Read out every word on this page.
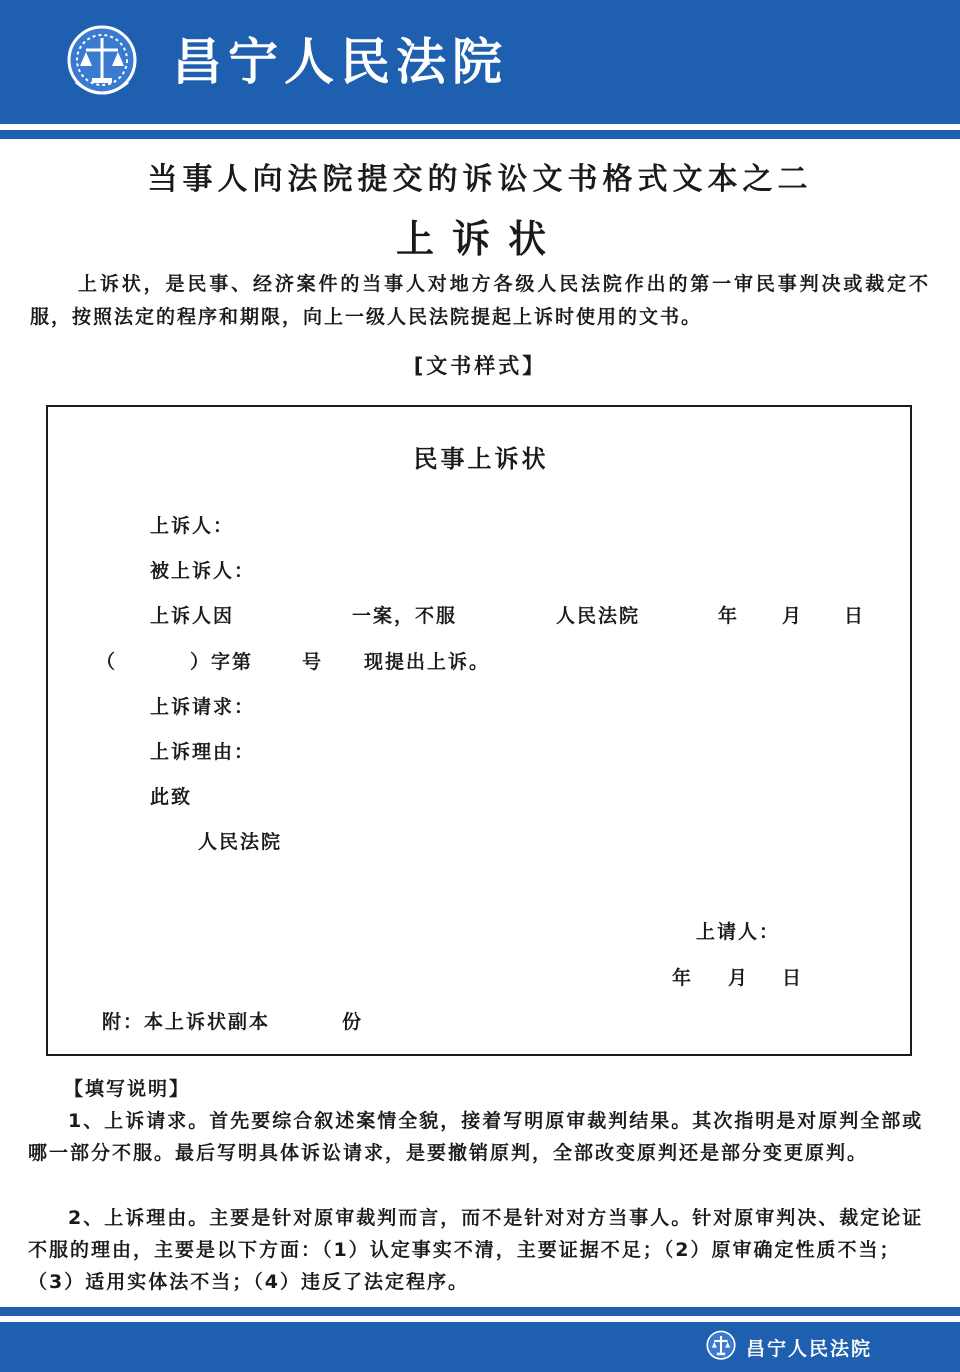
昌宁人民法院
当事人向法院提交的诉讼文书格式文本之二
上诉状

上诉状，是民事、经济案件的当事人对地方各级人民法院作出的第一审民事判决或裁定不服，按照法定的程序和期限，向上一级人民法院提起上诉时使用的文书。

[文书样式】
民事上诉状
上诉人：
被上诉人：
上诉人因	一案，不服	人民法院	年 月 日
（	）字第	号 现提出上诉。
上诉请求：
上诉理由：
此致
人民法院
上请人：
年 月 日
附：本上诉状副本	份
【填写说明】

1、上诉请求。首先要综合叙述案情全貌，接着写明原审裁判结果。其次指明是对原判全部或哪一部分不服。最后写明具体诉讼请求，是要撤销原判，全部改变原判还是部分变更原判。

2、上诉理由。主要是针对原审裁判而言，而不是针对对方当事人。针对原审判决、裁定论证不服的理由，主要是以下方面：（1）认定事实不清，主要证据不足；（2）原审确定性质不当；（3）适用实体法不当；（4）违反了法定程序。

昌宁人民法院
